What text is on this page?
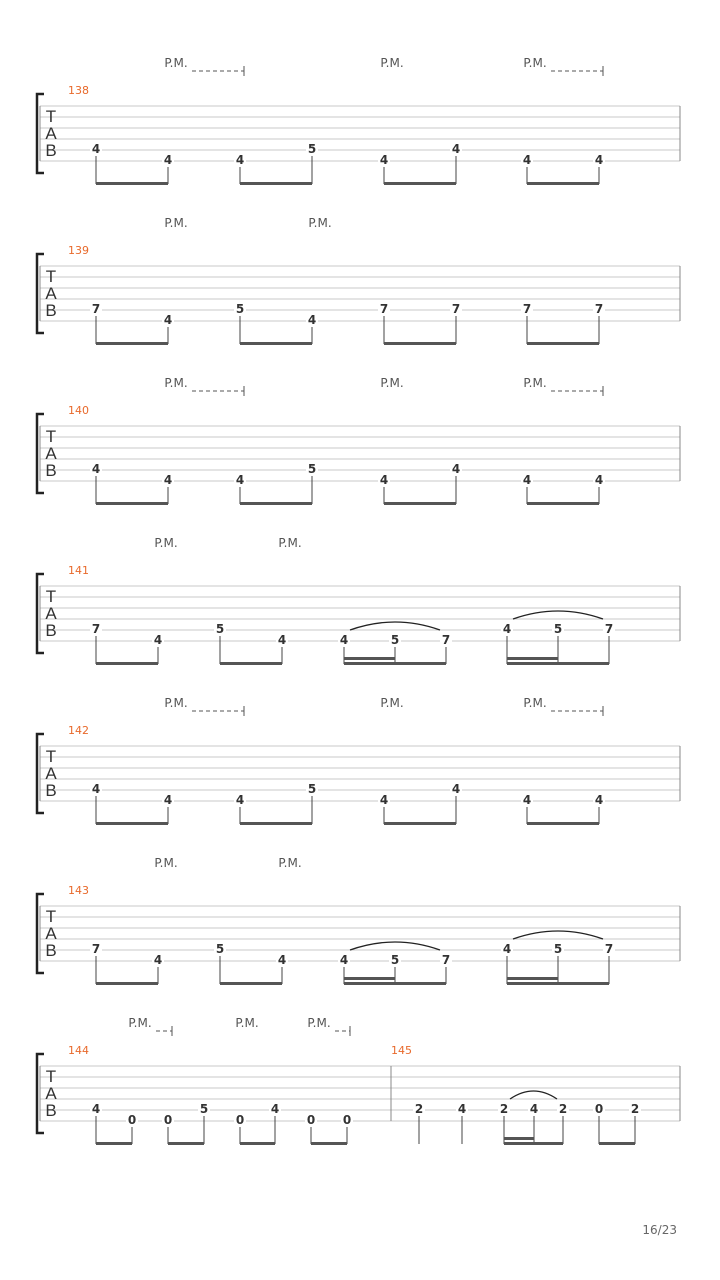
T
A
B
138
P.M.	P.M.	P.M.
4
4	4
5
4
4
4	4
T
A
B
139
P.M.	P.M.
7
4
5
4
7	7	7	7
T
A
B
140
P.M.	P.M.	P.M.
4
4	4
5
4
4
4	4
T
A
B
141
P.M.	P.M.
7
4
5
4	4	5	7
4	5	7
T
A
B
142
P.M.	P.M.	P.M.
4
4	4
5
4
4
4	4
T
A
B
143
P.M.	P.M.
7
4
5
4	4	5	7
4	5	7
T
A
B
144	145
P.M.	P.M.	P.M.
4
0 0
5
0
4
0 0
2	4	2 4 2 0 2
16/23
